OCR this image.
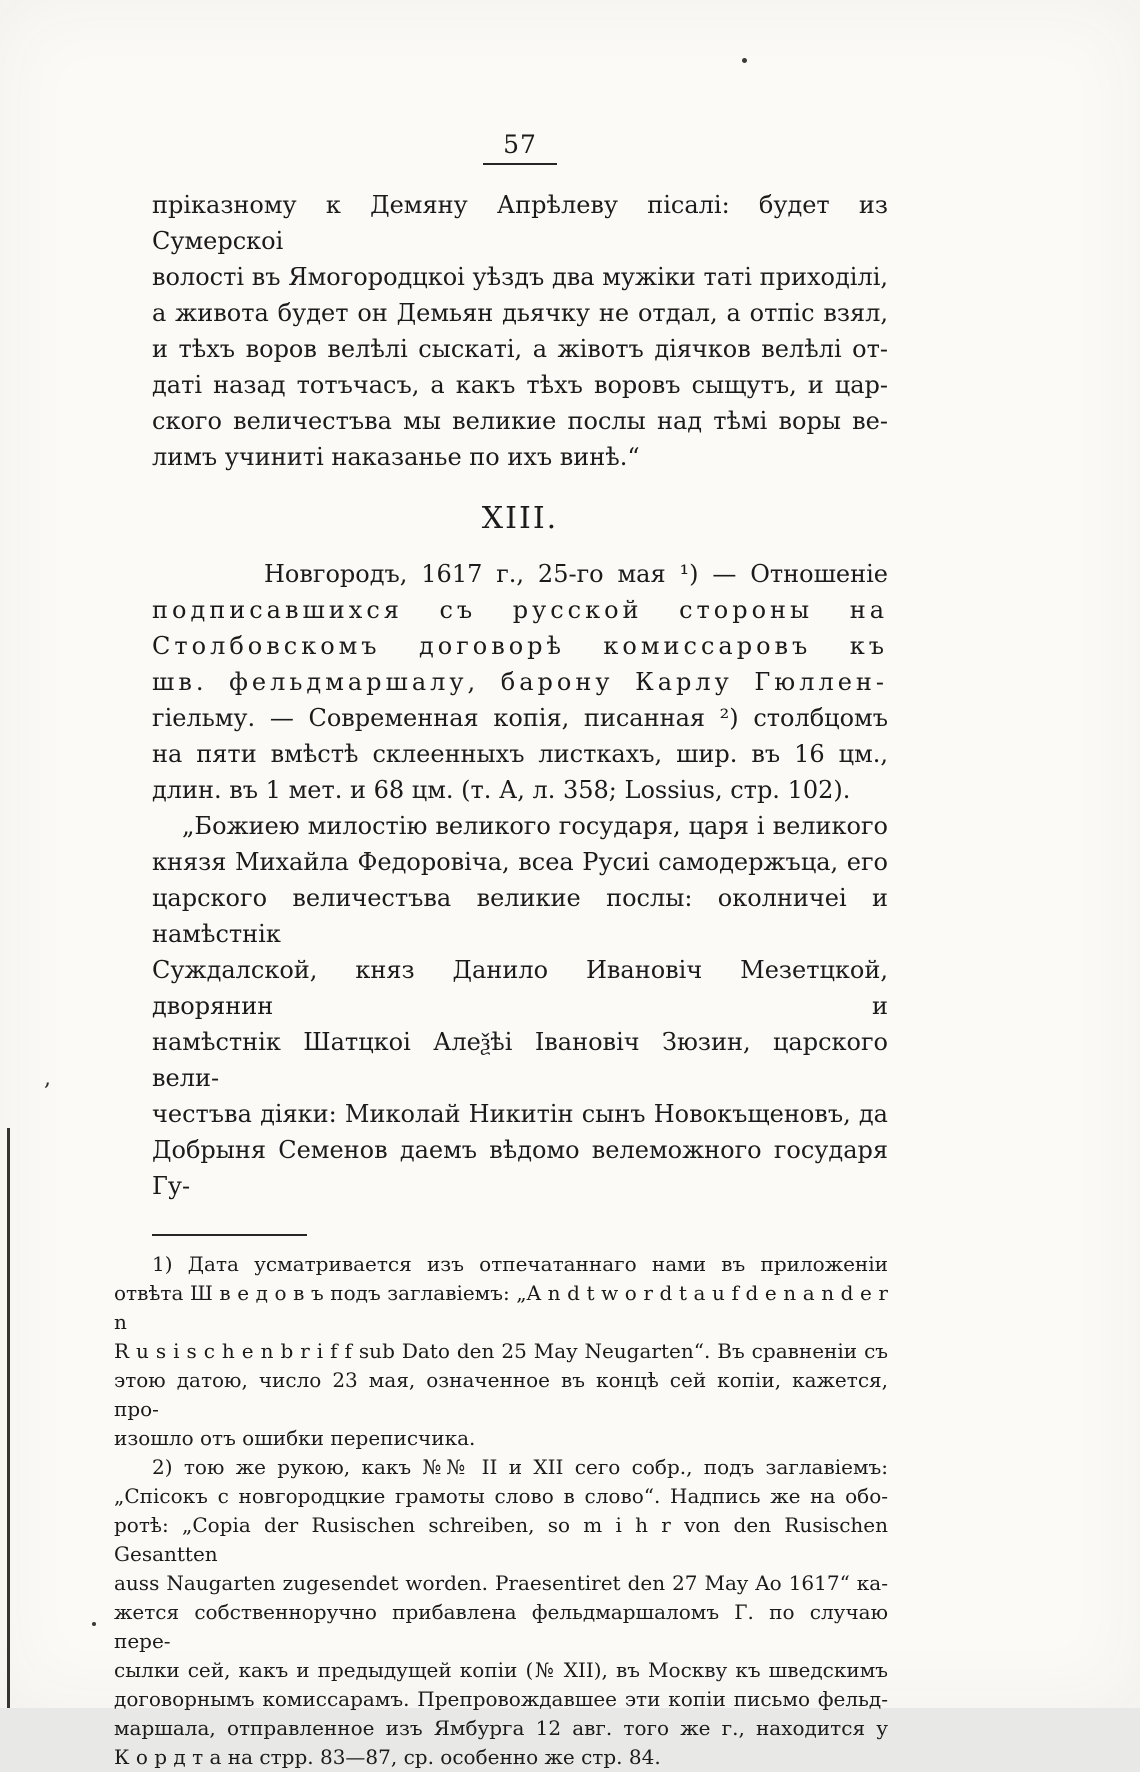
57
пріказному к Демяну Апрѣлеву пісалі: будет из Сумерскоі
волості въ Ямогородцкоі уѣздъ два мужіки таті приходілі,
а живота будет он Демьян дьячку не отдал, а отпіс взял,
и тѣхъ воров велѣлі сыскаті, а жівотъ діячков велѣлі от-
даті назад тотъчасъ, а какъ тѣхъ воровъ сыщутъ, и цар-
ского величестъва мы великие послы над тѣмі воры ве-
лимъ учиниті наказанье по ихъ винѣ.“
XIII.
Новгородъ, 1617 г., 25-го мая ¹) — Отношеніе
подписавшихся съ русской стороны на
Столбовскомъ договорѣ комиссаровъ къ
шв. фельдмаршалу, барону Карлу Гюллен-
гіельму. — Современная копія, писанная ²) столбцомъ
на пяти вмѣстѣ склеенныхъ листкахъ, шир. въ 16 цм.,
длин. въ 1 мет. и 68 цм. (т. А, л. 358; Lossius, стр. 102).
„Божиею милостію великого государя, царя і великого
князя Михайла Федоровіча, всеа Русиі самодержъца, его
царского величестъва великие послы: околничеі и намѣстнік
Суждалской, княз Данило Ивановіч Мезетцкой, дворянин и
намѣстнік Шатцкоі Алеѯѣі Івановіч Зюзин, царского вели-
честъва діяки: Миколай Никитін сынъ Новокъщеновъ, да
Добрыня Семенов даемъ вѣдомо велеможного государя Гу-
1) Дата усматривается изъ отпечатаннаго нами въ приложеніи
отвѣта Ш в е д о в ъ подъ заглавіемъ: „A n d t w o r d t a u f d e n a n d e r n
R u s i s c h e n b r i f f sub Dato den 25 May Neugarten“. Въ сравненіи съ
этою датою, число 23 мая, означенное въ концѣ сей копіи, кажется, про-
изошло отъ ошибки переписчика.
2) тою же рукою, какъ №№ II и XII сего собр., подъ заглавіемъ:
„Спісокъ с новгородцкие грамоты слово в слово“. Надпись же на обо-
ротѣ: „Copia der Rusischen schreiben, so m i h r von den Rusischen Gesantten
auss Naugarten zugesendet worden. Praesentiret den 27 May Ao 1617“ ка-
жется собственноручно прибавлена фельдмаршаломъ Г. по случаю пере-
сылки сей, какъ и предыдущей копіи (№ XII), въ Москву къ шведскимъ
договорнымъ комиссарамъ. Препровождавшее эти копіи письмо фельд-
маршала, отправленное изъ Ямбурга 12 авг. того же г., находится у
К о р д т а на стрр. 83—87, ср. особенно же стр. 84.
,
